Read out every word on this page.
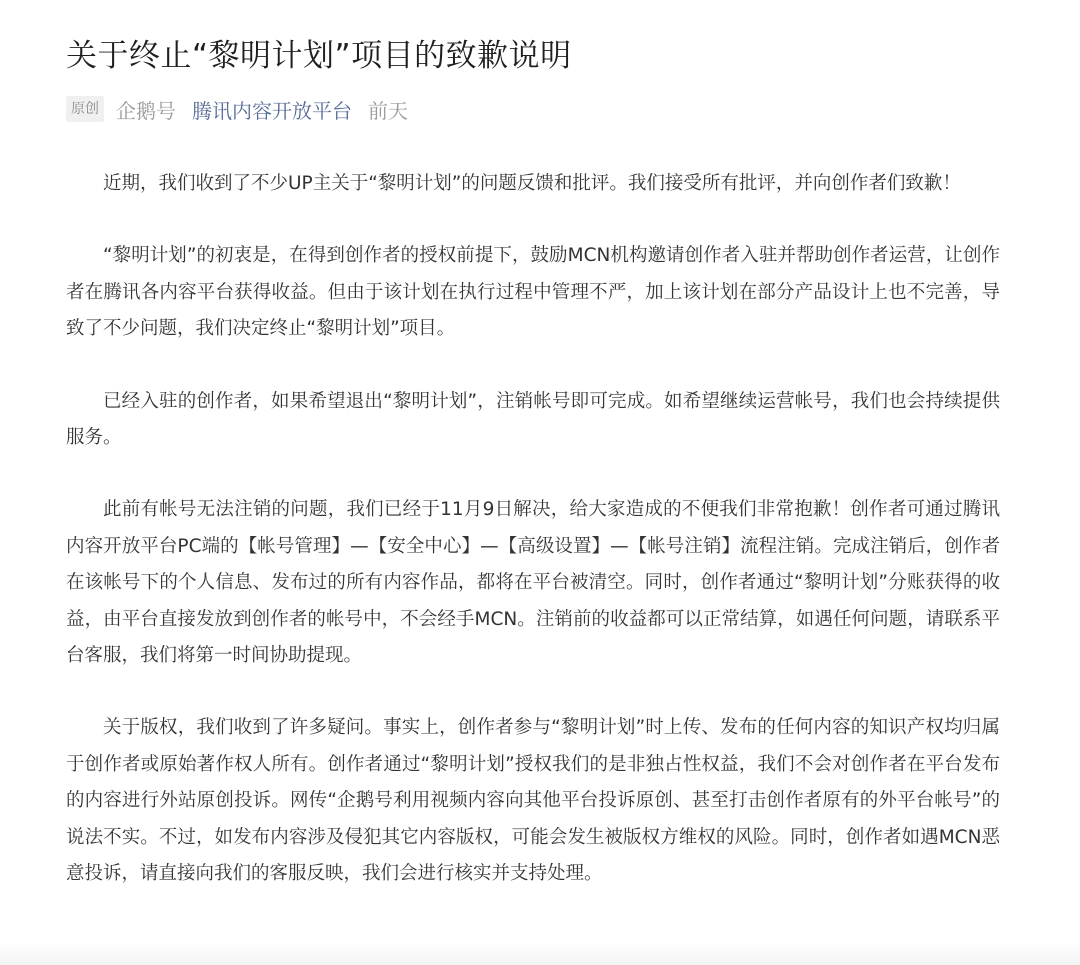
关于终止“黎明计划”项目的致歉说明
原创 企鹅号 腾讯内容开放平台 前天

近期，我们收到了不少UP主关于“黎明计划”的问题反馈和批评。我们接受所有批评，并向创作者们致歉！

“黎明计划”的初衷是，在得到创作者的授权前提下，鼓励MCN机构邀请创作者入驻并帮助创作者运营，让创作者在腾讯各内容平台获得收益。但由于该计划在执行过程中管理不严，加上该计划在部分产品设计上也不完善，导致了不少问题，我们决定终止“黎明计划”项目。

已经入驻的创作者，如果希望退出“黎明计划”，注销帐号即可完成。如希望继续运营帐号，我们也会持续提供服务。

此前有帐号无法注销的问题，我们已经于11月9日解决，给大家造成的不便我们非常抱歉！创作者可通过腾讯内容开放平台PC端的【帐号管理】—【安全中心】—【高级设置】—【帐号注销】流程注销。完成注销后，创作者在该帐号下的个人信息、发布过的所有内容作品，都将在平台被清空。同时，创作者通过“黎明计划”分账获得的收益，由平台直接发放到创作者的帐号中，不会经手MCN。注销前的收益都可以正常结算，如遇任何问题，请联系平台客服，我们将第一时间协助提现。

关于版权，我们收到了许多疑问。事实上，创作者参与“黎明计划”时上传、发布的任何内容的知识产权均归属于创作者或原始著作权人所有。创作者通过“黎明计划”授权我们的是非独占性权益，我们不会对创作者在平台发布的内容进行外站原创投诉。网传“企鹅号利用视频内容向其他平台投诉原创、甚至打击创作者原有的外平台帐号”的说法不实。不过，如发布内容涉及侵犯其它内容版权，可能会发生被版权方维权的风险。同时，创作者如遇MCN恶意投诉，请直接向我们的客服反映，我们会进行核实并支持处理。
